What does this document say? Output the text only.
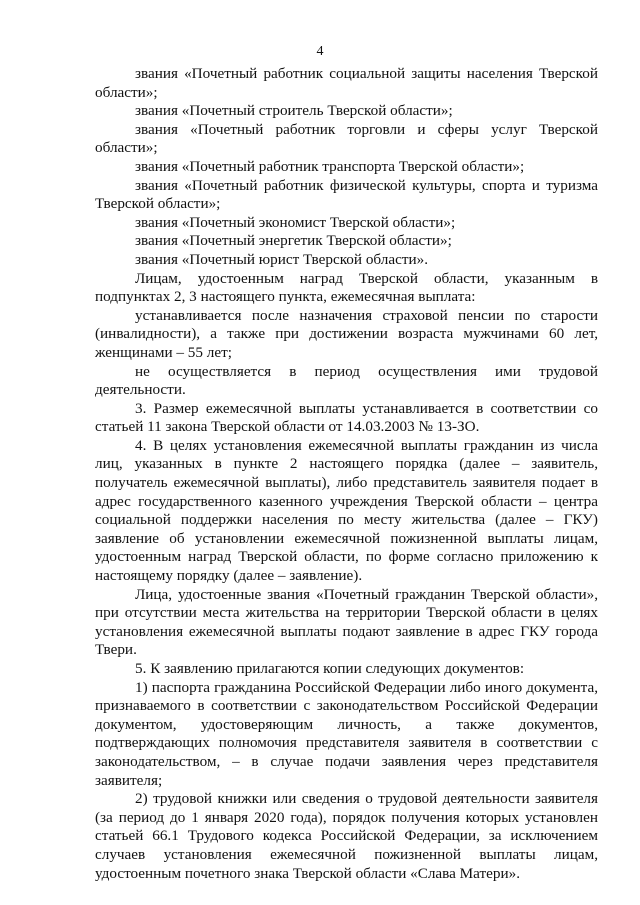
4

звания «Почетный работник социальной защиты населения Тверской области»;

звания «Почетный строитель Тверской области»;

звания «Почетный работник торговли и сферы услуг Тверской области»;

звания «Почетный работник транспорта Тверской области»;

звания «Почетный работник физической культуры, спорта и туризма Тверской области»;

звания «Почетный экономист Тверской области»;

звания «Почетный энергетик Тверской области»;

звания «Почетный юрист Тверской области».

Лицам, удостоенным наград Тверской области, указанным в подпунктах 2, 3 настоящего пункта, ежемесячная выплата:

устанавливается после назначения страховой пенсии по старости (инвалидности), а также при достижении возраста мужчинами 60 лет, женщинами – 55 лет;

не осуществляется в период осуществления ими трудовой деятельности.

3. Размер ежемесячной выплаты устанавливается в соответствии со статьей 11 закона Тверской области от 14.03.2003 № 13-ЗО.

4. В целях установления ежемесячной выплаты гражданин из числа лиц, указанных в пункте 2 настоящего порядка (далее – заявитель, получатель ежемесячной выплаты), либо представитель заявителя подает в адрес государственного казенного учреждения Тверской области – центра социальной поддержки населения по месту жительства (далее – ГКУ) заявление об установлении ежемесячной пожизненной выплаты лицам, удостоенным наград Тверской области, по форме согласно приложению к настоящему порядку (далее – заявление).

Лица, удостоенные звания «Почетный гражданин Тверской области», при отсутствии места жительства на территории Тверской области в целях установления ежемесячной выплаты подают заявление в адрес ГКУ города Твери.

5. К заявлению прилагаются копии следующих документов:

1) паспорта гражданина Российской Федерации либо иного документа, признаваемого в соответствии с законодательством Российской Федерации документом, удостоверяющим личность, а также документов, подтверждающих полномочия представителя заявителя в соответствии с законодательством, – в случае подачи заявления через представителя заявителя;

2) трудовой книжки или сведения о трудовой деятельности заявителя (за период до 1 января 2020 года), порядок получения которых установлен статьей 66.1 Трудового кодекса Российской Федерации, за исключением случаев установления ежемесячной пожизненной выплаты лицам, удостоенным почетного знака Тверской области «Слава Матери».
